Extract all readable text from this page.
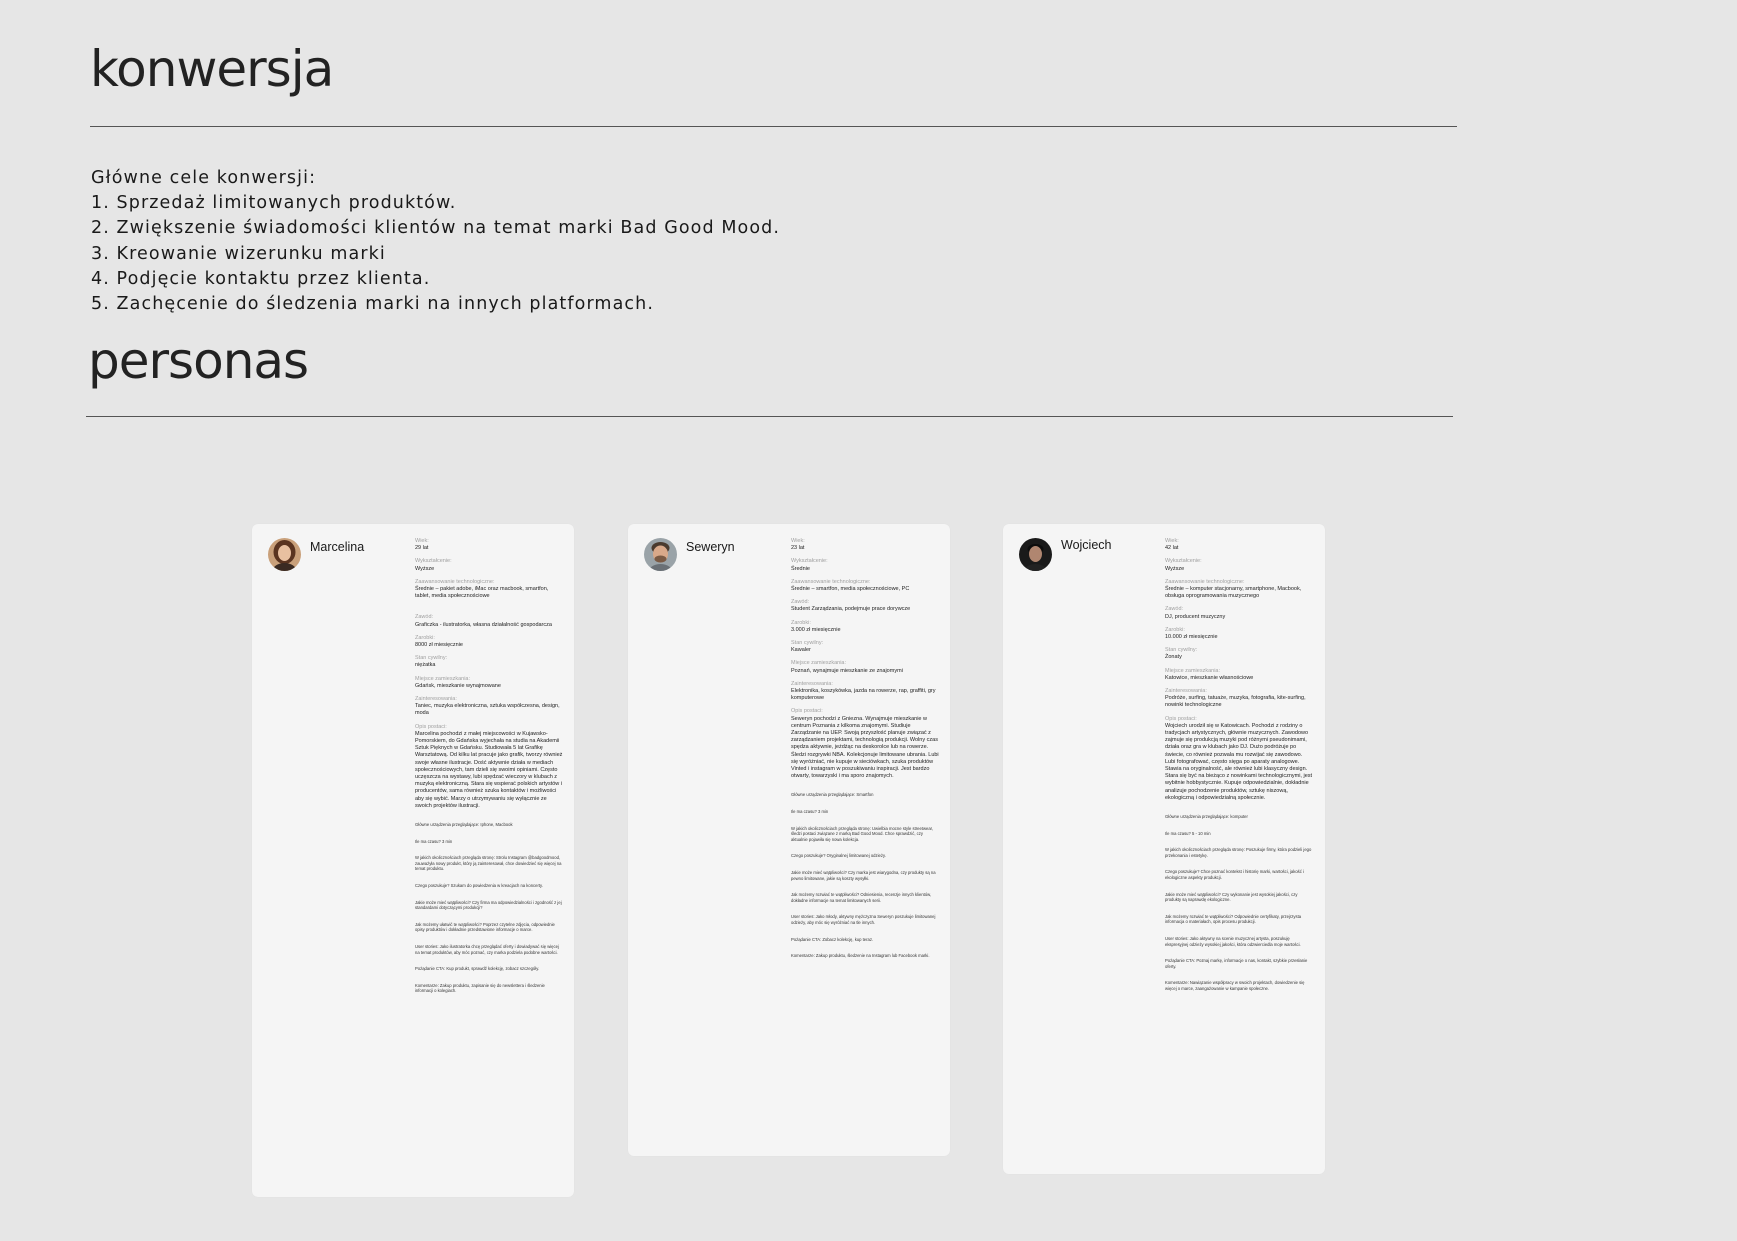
konwersja
Główne cele konwersji:
1. Sprzedaż limitowanych produktów.
2. Zwiększenie świadomości klientów na temat marki Bad Good Mood.
3. Kreowanie wizerunku marki
4. Podjęcie kontaktu przez klienta.
5. Zachęcenie do śledzenia marki na innych platformach.
personas
Marcelina	Wiek:
29 lat
Wykształcenie:
Wyższe
Zaawansowanie technologiczne:
Średnie – pakiet adobe, iMac oraz macbook, smartfon, tablet, media społecznościowe
Zawód:
Graficzka - ilustratorka, własna działalność gospodarcza
Zarobki:
8000 zł miesięcznie
Stan cywilny:
niężatka
Miejsce zamieszkania:
Gdańsk, mieszkanie wynajmowane
Zainteresowania:
Taniec, muzyka elektroniczna, sztuka współczesna, design, moda
Opis postaci:
Marcelina pochodzi z małej miejscowości w Kujawsko-Pomorskiem, do Gdańska wyjechała na studia na Akademii Sztuk Pięknych w Gdańsku. Studiowała 5 lat Grafikę Warsztatową. Od kilku lat pracuje jako grafik, tworzy również swoje własne ilustracje. Dość aktywnie działa w mediach społecznościowych, tam dzieli się swoimi opiniami. Często uczęszcza na wystawy, lubi spędzać wieczory w klubach z muzyką elektroniczną. Stara się wspierać polskich artystów i producentów, sama również szuka kontaktów i możliwości aby się wybić. Marzy o utrzymywaniu się wyłącznie ze swoich projektów ilustracji.
Główne urządzenia przeglądające: Iphone, Macbook
Ile ma czasu? 3 min
W jakich okolicznościach przegląda stronę: Strolu Instagram @badgoodmood, zauważyła nowy produkt, który ją zainteresował, chce dowiedzieć się więcej na temat produktu.
Czego poszukuje? Szukam do powiedzenia w kreacjach na koncerty.
Jakie może mieć wątpliwości? Czy firma ma odpowiedzialności i zgodność z jej standardami dotyczącymi produkcji?
Jak możemy ułatwić te wątpliwości? Poprzez czytelne zdjęcia, odpowiednie opisy produktów i dokładnie przedstawione informacje o marce.
User stories: Jako ilustratorka chcę przeglądać oferty i dowiadywać się więcej na temat produktów, aby móc poznać, czy marka podziela podobne wartości.
Pożądanie CTA: Kup produkt, sprawdź kolekcję, zobacz szczegóły.
Komentarze: Zakup produktu, zapisanie się do newslettera i śledzenie informacji o kolegiach.
Seweryn	Wiek:
23 lat
Wykształcenie:
Średnie
Zaawansowanie technologiczne:
Średnie – smartfon, media społecznościowe, PC
Zawód:
Student Zarządzania, podejmuje prace dorywcze
Zarobki:
3.000 zł miesięcznie
Stan cywilny:
Kawaler
Miejsce zamieszkania:
Poznań, wynajmuje mieszkanie ze znajomymi
Zainteresowania:
Elektronika, koszykówka, jazda na rowerze, rap, graffiti, gry komputerowe
Opis postaci:
Seweryn pochodzi z Gniezna. Wynajmuje mieszkanie w centrum Poznania z kilkoma znajomymi. Studiuje Zarządzanie na UEP. Swoją przyszłość planuje związać z zarządzaniem projektami, technologią produkcji. Wolny czas spędza aktywnie, jeżdżąc na deskorolce lub na rowerze. Śledzi rozgrywki NBA. Kolekcjonuje limitowane ubrania. Lubi się wyróżniać, nie kupuje w sieciówkach, szuka produktów Vinted i instagram w poszukiwaniu inspiracji. Jest bardzo otwarty, towarzyski i ma sporo znajomych.
Główne urządzenia przeglądające: Smartfon
Ile ma czasu? 3 min
W jakich okolicznościach przegląda stronę: Uwielbia mocne style streetwear, śledzi postaci związane z marką Bad Good Mood. Chce sprawdzić, czy aktualnie pojawiła się nowa kolekcja.
Czego poszukuje? Oryginalnej limitowanej odzieży.
Jakie może mieć wątpliwości? Czy marka jest wiarygodna, czy produkty są na pewno limitowane, jakie są koszty wysyłki.
Jak możemy rozwiać te wątpliwości? Odniesienia, recenzje innych klientów, dokładne informacje na temat limitowanych serii.
User stories: Jako młody, aktywny mężczyzna Seweryn poszukuje limitowanej odzieży, aby móc się wyróżniać na tle innych.
Pożądanie CTA: Zobacz kolekcję, kup teraz.
Komentarze: Zakup produktu, śledzenie na Instagram lub Facebook marki.
Wojciech	Wiek:
42 lat
Wykształcenie:
Wyższe
Zaawansowanie technologiczne:
Średnie – komputer stacjonarny, smartphone, Macbook, obsługa oprogramowania muzycznego
Zawód:
DJ, producent muzyczny
Zarobki:
10.000 zł miesięcznie
Stan cywilny:
Żonaty
Miejsce zamieszkania:
Katowice, mieszkanie własnościowe
Zainteresowania:
Podróże, surfing, tatuaże, muzyka, fotografia, kite-surfing, nowinki technologiczne
Opis postaci:
Wojciech urodził się w Katowicach. Pochodzi z rodziny o tradycjach artystycznych, głównie muzycznych. Zawodowo zajmuje się produkcją muzyki pod różnymi pseudonimami, działa oraz gra w klubach jako DJ. Dużo podróżuje po świecie, co również pozwala mu rozwijać się zawodowo. Lubi fotografować, często sięga po aparaty analogowe. Stawia na oryginalność, ale również lubi klasyczny design. Stara się być na bieżąco z nowinkami technologicznymi, jest wybitnie hobbystycznie. Kupuje odpowiedzialnie, dokładnie analizuje pochodzenie produktów, sztukę niszową, ekologiczną i odpowiedzialną społecznie.
Główne urządzenia przeglądające: komputer
Ile ma czasu? 5 - 10 min
W jakich okolicznościach przegląda stronę: Poszukuje firmy, która podzieli jego przekonania i estetykę.
Czego poszukuje? Chce poznać kontekst i historię marki, wartości, jakość i ekologiczne aspekty produkcji.
Jakie może mieć wątpliwości? Czy wykonanie jest wysokiej jakości, czy produkty są naprawdę ekologiczne.
Jak możemy rozwiać te wątpliwości? Odpowiednie certyfikaty, przejrzysta informacja o materiałach, opis procesu produkcji.
User stories: Jako aktywny na scenie muzycznej artysta, poszukuję ekspresyjnej odzieży wysokiej jakości, która odzwierciedla moje wartości.
Pożądanie CTA: Poznaj markę, informacje o nas, kontakt, szybkie przesłanie oferty.
Komentarze: Nawiązanie współpracy w swoich projektach, dowiedzenie się więcej o marce, zaangażowanie w kampanie społeczne.
